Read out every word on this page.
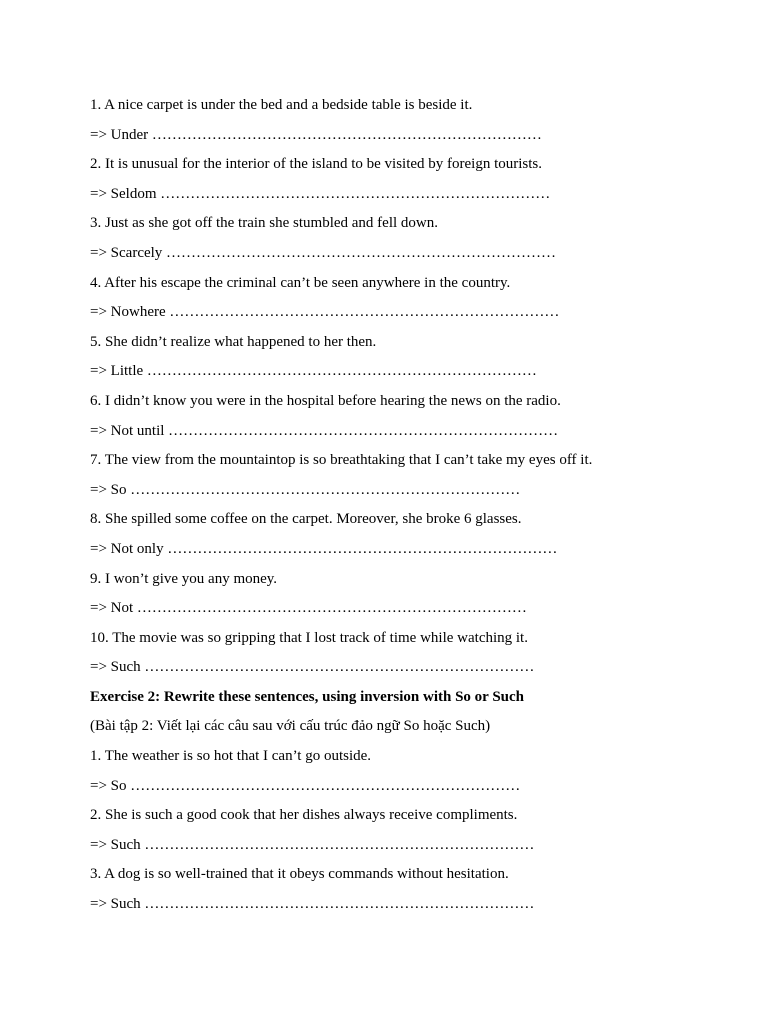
1. A nice carpet is under the bed and a bedside table is beside it.
=> Under ……………………………………………………………………
2. It is unusual for the interior of the island to be visited by foreign tourists.
=> Seldom ……………………………………………………………………
3. Just as she got off the train she stumbled and fell down.
=> Scarcely ……………………………………………………………………
4. After his escape the criminal can’t be seen anywhere in the country.
=> Nowhere ……………………………………………………………………
5. She didn’t realize what happened to her then.
=> Little ……………………………………………………………………
6. I didn’t know you were in the hospital before hearing the news on the radio.
=> Not until ……………………………………………………………………
7. The view from the mountaintop is so breathtaking that I can’t take my eyes off it.
=> So ……………………………………………………………………
8. She spilled some coffee on the carpet. Moreover, she broke 6 glasses.
=> Not only ……………………………………………………………………
9. I won’t give you any money.
=> Not ……………………………………………………………………
10. The movie was so gripping that I lost track of time while watching it.
=> Such ……………………………………………………………………
Exercise 2: Rewrite these sentences, using inversion with So or Such
(Bài tập 2: Viết lại các câu sau với cấu trúc đảo ngữ So hoặc Such)
1. The weather is so hot that I can’t go outside.
=> So ……………………………………………………………………
2. She is such a good cook that her dishes always receive compliments.
=> Such ……………………………………………………………………
3. A dog is so well-trained that it obeys commands without hesitation.
=> Such ……………………………………………………………………
